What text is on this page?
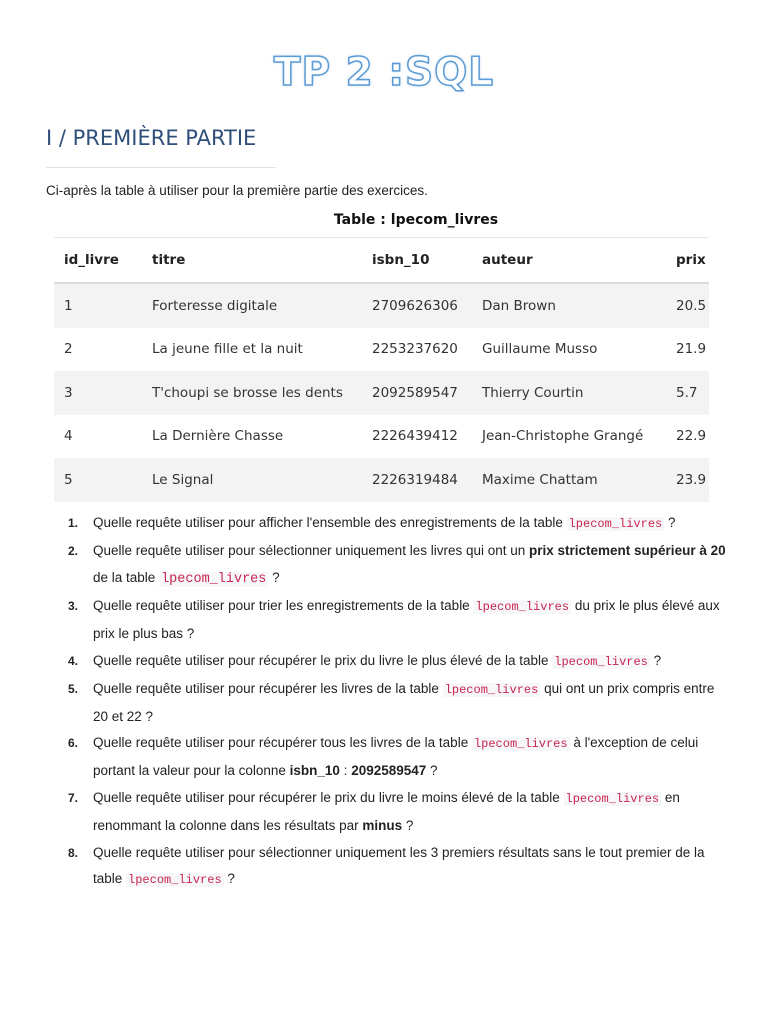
TP 2 :SQL
I / PREMIÈRE PARTIE
Ci-après la table à utiliser pour la première partie des exercices.
Table : lpecom_livres
id_livre	titre	isbn_10	auteur	prix
1	Forteresse digitale	2709626306	Dan Brown	20.5
2	La jeune fille et la nuit	2253237620	Guillaume Musso	21.9
3	T'choupi se brosse les dents	2092589547	Thierry Courtin	5.7
4	La Dernière Chasse	2226439412	Jean-Christophe Grangé	22.9
5	Le Signal	2226319484	Maxime Chattam	23.9
1. Quelle requête utiliser pour afficher l'ensemble des enregistrements de la table lpecom_livres ?
2. Quelle requête utiliser pour sélectionner uniquement les livres qui ont un prix strictement supérieur à 20 de la table lpecom_livres ?
3. Quelle requête utiliser pour trier les enregistrements de la table lpecom_livres du prix le plus élevé aux prix le plus bas ?
4. Quelle requête utiliser pour récupérer le prix du livre le plus élevé de la table lpecom_livres ?
5. Quelle requête utiliser pour récupérer les livres de la table lpecom_livres qui ont un prix compris entre 20 et 22 ?
6. Quelle requête utiliser pour récupérer tous les livres de la table lpecom_livres à l'exception de celui portant la valeur pour la colonne isbn_10 : 2092589547 ?
7. Quelle requête utiliser pour récupérer le prix du livre le moins élevé de la table lpecom_livres en renommant la colonne dans les résultats par minus ?
8. Quelle requête utiliser pour sélectionner uniquement les 3 premiers résultats sans le tout premier de la table lpecom_livres ?
